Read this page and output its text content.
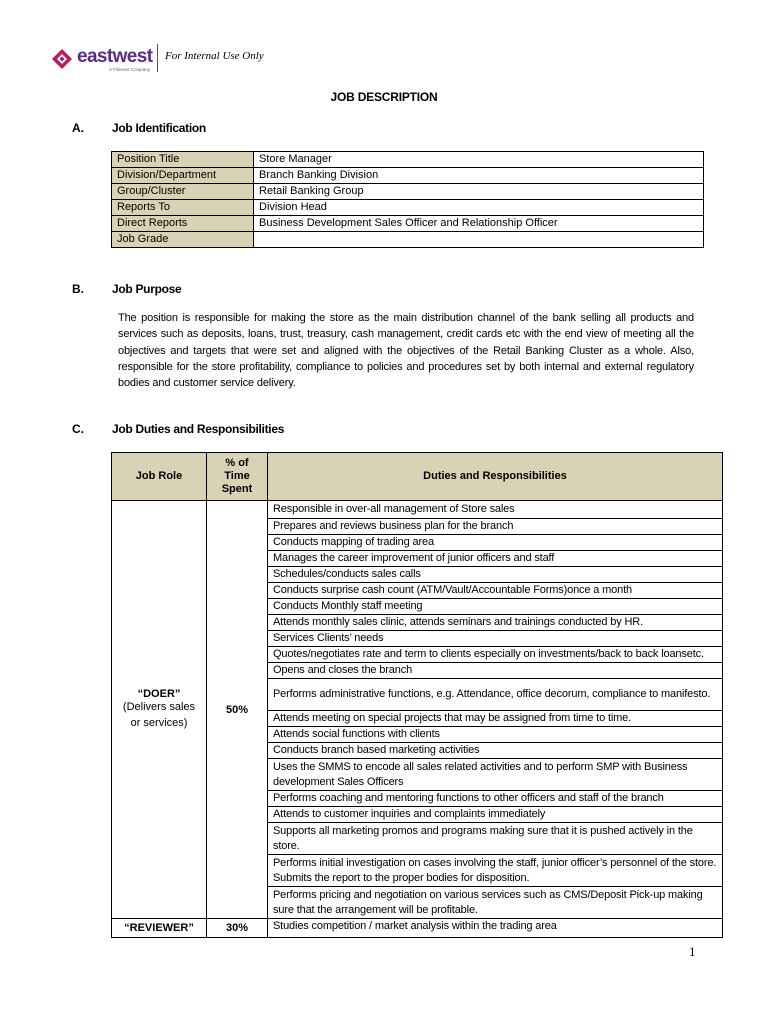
eastwest
A Filinvest Company
For Internal Use Only
JOB DESCRIPTION
A. Job Identification
Position Title	Store Manager
Division/Department	Branch Banking Division
Group/Cluster	Retail Banking Group
Reports To	Division Head
Direct Reports	Business Development Sales Officer and Relationship Officer
Job Grade	
B. Job Purpose
The position is responsible for making the store as the main distribution channel of the bank selling all products and services such as deposits, loans, trust, treasury, cash management, credit cards etc with the end view of meeting all the objectives and targets that were set and aligned with the objectives of the Retail Banking Cluster as a whole. Also, responsible for the store profitability, compliance to policies and procedures set by both internal and external regulatory bodies and customer service delivery.
C. Job Duties and Responsibilities
Job Role	% of Time Spent	Duties and Responsibilities

“DOER”
(Delivers sales or services)	50%	Responsible in over-all management of Store sales
		Prepares and reviews business plan for the branch
		Conducts mapping of trading area
		Manages the career improvement of junior officers and staff
		Schedules/conducts sales calls
		Conducts surprise cash count (ATM/Vault/Accountable Forms)once a month
		Conducts Monthly staff meeting
		Attends monthly sales clinic, attends seminars and trainings conducted by HR.
		Services Clients’ needs
		Quotes/negotiates rate and term to clients especially on investments/back to back loansetc.
		Opens and closes the branch
		Performs administrative functions, e.g. Attendance, office decorum, compliance to manifesto.
		Attends meeting on special projects that may be assigned from time to time.
		Attends social functions with clients
		Conducts branch based marketing activities
		Uses the SMMS to encode all sales related activities and to perform SMP with Business development Sales Officers
		Performs coaching and mentoring functions to other officers and staff of the branch
		Attends to customer inquiries and complaints immediately
		Supports all marketing promos and programs making sure that it is pushed actively in the store.
		Performs initial investigation on cases involving the staff, junior officer’s personnel of the store. Submits the report to the proper bodies for disposition.
		Performs pricing and negotiation on various services such as CMS/Deposit Pick-up making sure that the arrangement will be profitable.
“REVIEWER”	30%	Studies competition / market analysis within the trading area
1
